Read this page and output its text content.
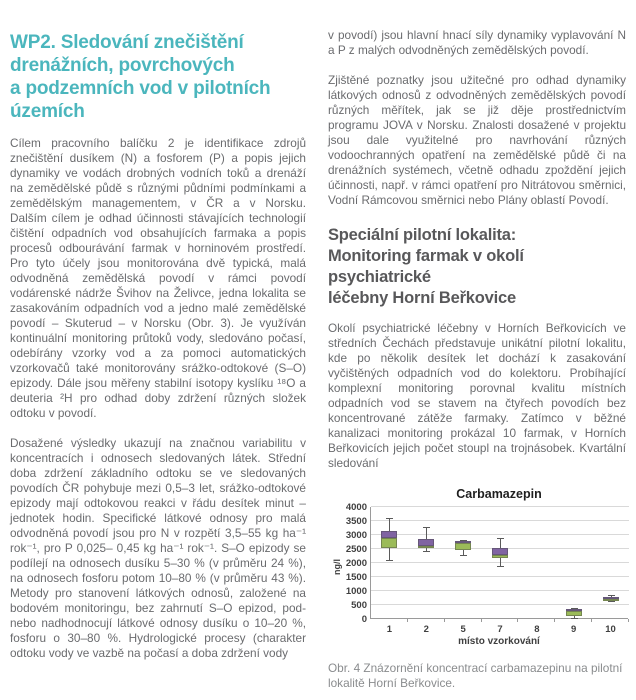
WP2. Sledování znečištění
drenážních, povrchových
a podzemních vod v pilotních
územích

Cílem pracovního balíčku 2 je identifikace zdrojů znečištění dusíkem (N) a fosforem (P) a popis jejich dynamiky ve vodách drobných vodních toků a drenáží na zemědělské půdě s různými půdními podmínkami a zemědělským managementem, v ČR a v Norsku. Dalším cílem je odhad účinnosti stávajících technologií čištění odpadních vod obsahujících farmaka a popis procesů odbourávání farmak v horninovém prostředí. Pro tyto účely jsou monitorována dvě typická, malá odvodněná zemědělská povodí v rámci povodí vodárenské nádrže Švihov na Želivce, jedna lokalita se zasakováním odpadních vod a jedno malé zemědělské povodí – Skuterud – v Norsku (Obr. 3). Je využíván kontinuální monitoring průtoků vody, sledováno počasí, odebírány vzorky vod a za pomoci automatických vzorkovačů také monitorovány srážko-odtokové (S–O) epizody. Dále jsou měřeny stabilní isotopy kyslíku ¹⁸O a deuteria ²H pro odhad doby zdržení různých složek odtoku v povodí.

Dosažené výsledky ukazují na značnou variabilitu v koncentracích i odnosech sledovaných látek. Střední doba zdržení základního odtoku se ve sledovaných povodích ČR pohybuje mezi 0,5–3 let, srážko-odtokové epizody mají odtokovou reakci v řádu desítek minut – jednotek hodin. Specifické látkové odnosy pro malá odvodněná povodí jsou pro N v rozpětí 3,5–55 kg ha⁻¹ rok⁻¹, pro P 0,025– 0,45 kg ha⁻¹ rok⁻¹. S–O epizody se podílejí na odnosech dusíku 5–30 % (v průměru 24 %), na odnosech fosforu potom 10–80 % (v průměru 43 %). Metody pro stanovení látkových odnosů, založené na bodovém monitoringu, bez zahrnutí S–O epizod, pod- nebo nadhodnocují látkové odnosy dusíku o 10–20 %, fosforu o 30–80 %. Hydrologické procesy (charakter odtoku vody ve vazbě na počasí a doba zdržení vody

v povodí) jsou hlavní hnací síly dynamiky vyplavování N a P z malých odvodněných zemědělských povodí.

Zjištěné poznatky jsou užitečné pro odhad dynamiky látkových odnosů z odvodněných zemědělských povodí různých měřítek, jak se již děje prostřednictvím programu JOVA v Norsku. Znalosti dosažené v projektu jsou dale využitelné pro navrhování různých vodoochranných opatření na zemědělské půdě či na drenážních systémech, včetně odhadu zpoždění jejich účinnosti, např. v rámci opatření pro Nitrátovou směrnici, Vodní Rámcovou směrnici nebo Plány oblastí Povodí.

Speciální pilotní lokalita:
Monitoring farmak v okolí psychiatrické
léčebny Horní Beřkovice

Okolí psychiatrické léčebny v Horních Beřkovicích ve středních Čechách představuje unikátní pilotní lokalitu, kde po několik desítek let dochází k zasakování vyčištěných odpadních vod do kolektoru. Probíhající komplexní monitoring porovnal kvalitu místních odpadních vod se stavem na čtyřech povodích bez koncentrované zátěže farmaky. Zatímco v běžné kanalizaci monitoring prokázal 10 farmak, v Horních Beřkovicích jejich počet stoupl na trojnásobek. Kvartální sledování

Carbamazepin
ng/l
0
500
1000
1500
2000
2500
3000
3500
4000
1	2	5	7	8	9	10
místo vzorkování

Obr. 4 Znázornění koncentrací carbamazepinu na pilotní lokalitě Horní Beřkovice.
